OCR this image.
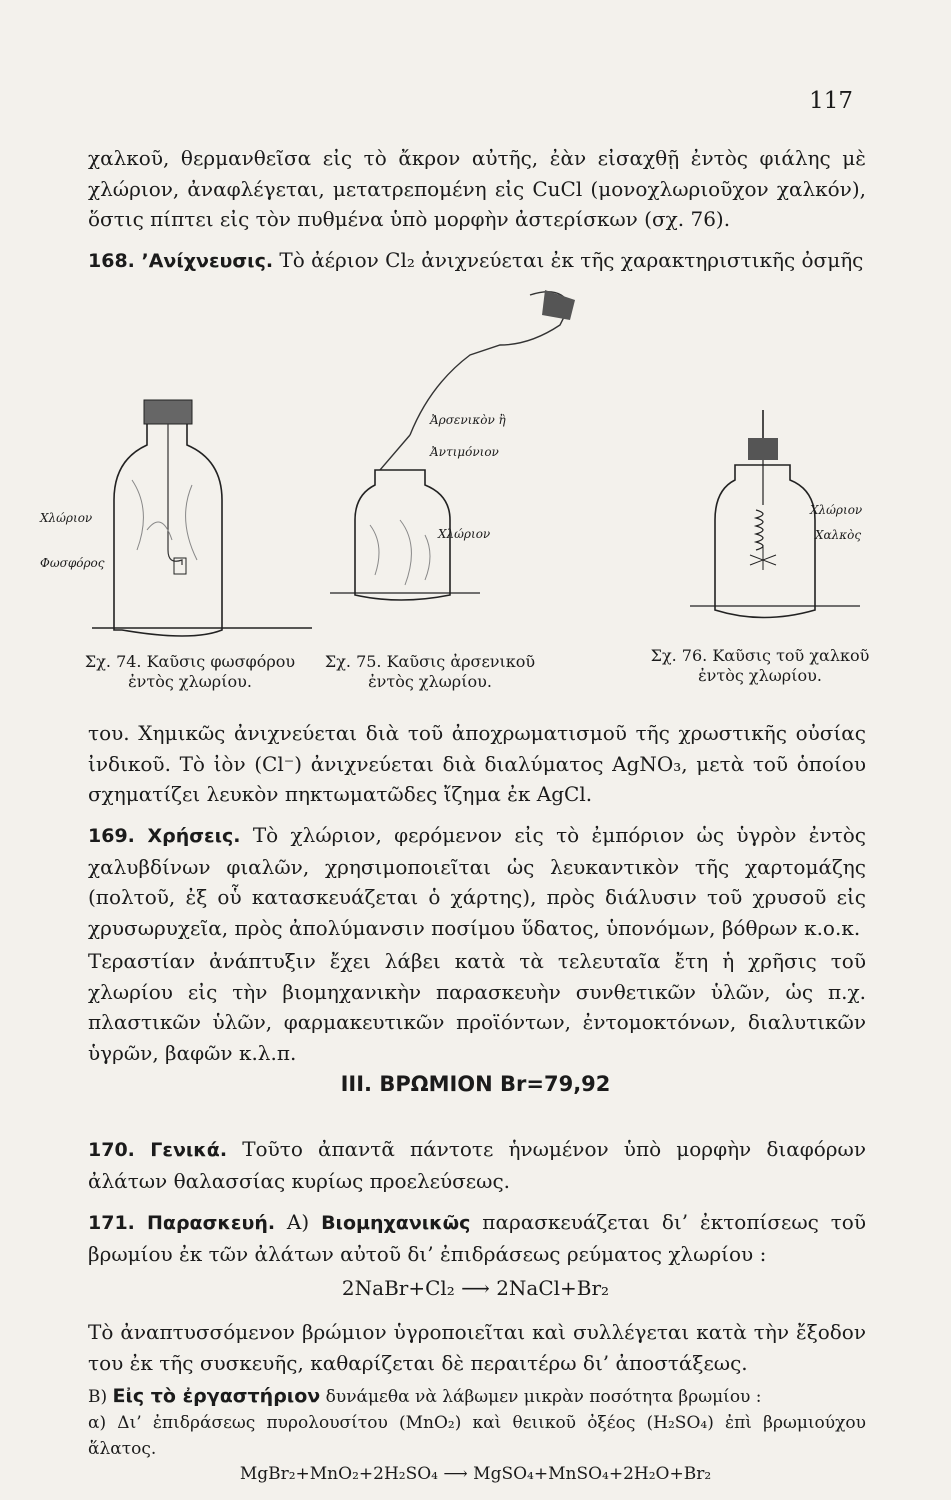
117

χαλκοῦ, θερμανθεῖσα εἰς τὸ ἄκρον αὐτῆς, ἐὰν εἰσαχθῇ ἐντὸς φιάλης μὲ χλώριον, ἀναφλέγεται, μετατρεπομένη εἰς CuCl (μονοχλωριοῦχον χαλκόν), ὅστις πίπτει εἰς τὸν πυθμένα ὑπὸ μορφὴν ἀστερίσκων (σχ. 76).

168. ’Ανίχνευσις. Τὸ ἀέριον Cl₂ ἀνιχνεύεται ἐκ τῆς χαρακτηριστικῆς ὀσμῆς

Χλώριον
Φωσφόρος
Σχ. 74. Καῦσις φωσφόρου
ἐντὸς χλωρίου.
Ἀρσενικὸν ἢ
Ἀντιμόνιον
Χλώριον
Σχ. 75. Καῦσις ἀρσενικοῦ
ἐντὸς χλωρίου.
Χλώριον
Χαλκὸς
Σχ. 76. Καῦσις τοῦ χαλκοῦ
ἐντὸς χλωρίου.

του. Χημικῶς ἀνιχνεύεται διὰ τοῦ ἀποχρωματισμοῦ τῆς χρωστικῆς οὐσίας ἰνδικοῦ. Τὸ ἰὸν (Cl⁻) ἀνιχνεύεται διὰ διαλύματος AgNO₃, μετὰ τοῦ ὁποίου σχηματίζει λευκὸν πηκτωματῶδες ἴζημα ἐκ AgCl.

169. Χρήσεις. Τὸ χλώριον, φερόμενον εἰς τὸ ἐμπόριον ὡς ὑγρὸν ἐντὸς χαλυβδίνων φιαλῶν, χρησιμοποιεῖται ὡς λευκαντικὸν τῆς χαρτομάζης (πολτοῦ, ἐξ οὗ κατασκευάζεται ὁ χάρτης), πρὸς διάλυσιν τοῦ χρυσοῦ εἰς χρυσωρυχεῖα, πρὸς ἀπολύμανσιν ποσίμου ὕδατος, ὑπονόμων, βόθρων κ.ο.κ.

Τεραστίαν ἀνάπτυξιν ἔχει λάβει κατὰ τὰ τελευταῖα ἔτη ἡ χρῆσις τοῦ χλωρίου εἰς τὴν βιομηχανικὴν παρασκευὴν συνθετικῶν ὑλῶν, ὡς π.χ. πλαστικῶν ὑλῶν, φαρμακευτικῶν προϊόντων, ἐντομοκτόνων, διαλυτικῶν ὑγρῶν, βαφῶν κ.λ.π.

III. ΒΡΩΜΙΟΝ Br=79,92

170. Γενικά. Τοῦτο ἀπαντᾶ πάντοτε ἡνωμένον ὑπὸ μορφὴν διαφόρων ἀλάτων θαλασσίας κυρίως προελεύσεως.

171. Παρασκευή. Α) Βιομηχανικῶς παρασκευάζεται δι’ ἐκτοπίσεως τοῦ βρωμίου ἐκ τῶν ἀλάτων αὐτοῦ δι’ ἐπιδράσεως ρεύματος χλωρίου :

2NaBr+Cl₂ ⟶ 2NaCl+Br₂

Τὸ ἀναπτυσσόμενον βρώμιον ὑγροποιεῖται καὶ συλλέγεται κατὰ τὴν ἔξοδον του ἐκ τῆς συσκευῆς, καθαρίζεται δὲ περαιτέρω δι’ ἀποστάξεως.

Β) Εἰς τὸ ἐργαστήριον δυνάμεθα νὰ λάβωμεν μικρὰν ποσότητα βρωμίου :

α) Δι’ ἐπιδράσεως πυρολουσίτου (MnO₂) καὶ θειικοῦ ὀξέος (H₂SO₄) ἐπὶ βρωμιούχου ἅλατος.

MgBr₂+MnO₂+2H₂SO₄ ⟶ MgSO₄+MnSO₄+2H₂O+Br₂
